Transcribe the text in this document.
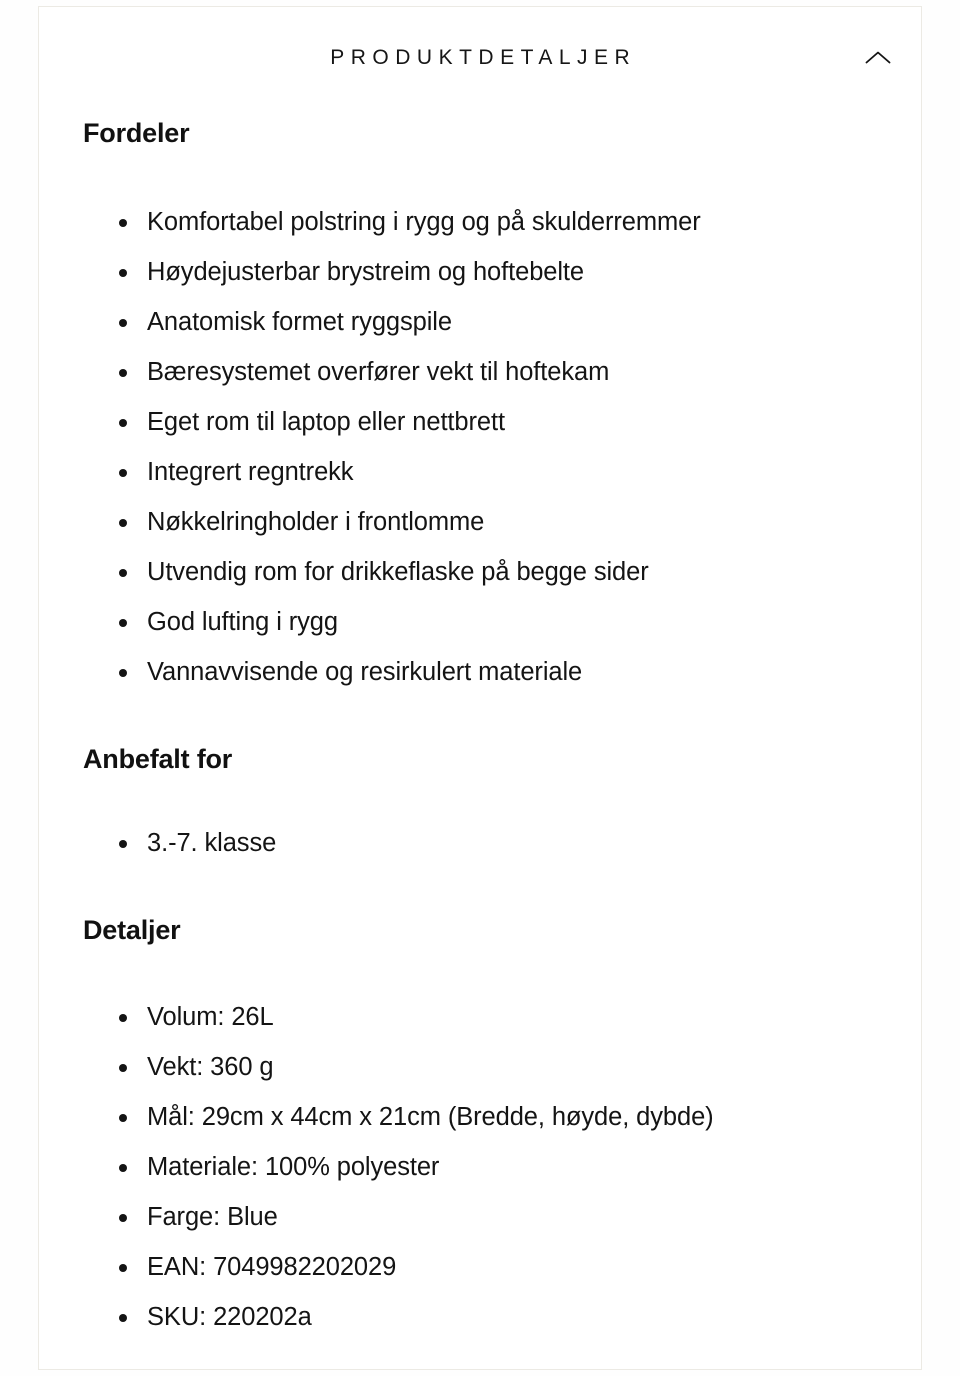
PRODUKTDETALJER
Fordeler
Komfortabel polstring i rygg og på skulderremmer
Høydejusterbar brystreim og hoftebelte
Anatomisk formet ryggspile
Bæresystemet overfører vekt til hoftekam
Eget rom til laptop eller nettbrett
Integrert regntrekk
Nøkkelringholder i frontlomme
Utvendig rom for drikkeflaske på begge sider
God lufting i rygg
Vannavvisende og resirkulert materiale
Anbefalt for
3.-7. klasse
Detaljer
Volum: 26L
Vekt: 360 g
Mål: 29cm x 44cm x 21cm (Bredde, høyde, dybde)
Materiale: 100% polyester
Farge: Blue
EAN: 7049982202029
SKU: 220202a
